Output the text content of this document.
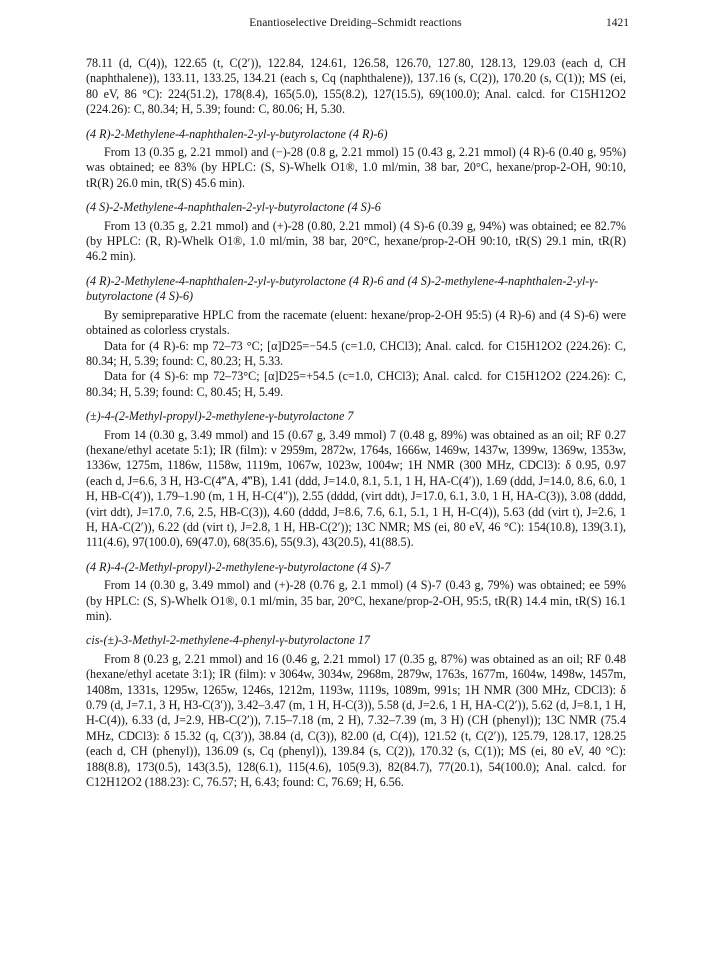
Enantioselective Dreiding–Schmidt reactions	1421

78.11 (d, C(4)), 122.65 (t, C(2′)), 122.84, 124.61, 126.58, 126.70, 127.80, 128.13, 129.03 (each d, CH (naphthalene)), 133.11, 133.25, 134.21 (each s, Cq (naphthalene)), 137.16 (s, C(2)), 170.20 (s, C(1)); MS (ei, 80 eV, 86 °C): 224(51.2), 178(8.4), 165(5.0), 155(8.2), 127(15.5), 69(100.0); Anal. calcd. for C15H12O2 (224.26): C, 80.34; H, 5.39; found: C, 80.06; H, 5.30.

(4 R)-2-Methylene-4-naphthalen-2-yl-γ-butyrolactone (4 R)-6)

From 13 (0.35 g, 2.21 mmol) and (−)-28 (0.8 g, 2.21 mmol) 15 (0.43 g, 2.21 mmol) (4 R)-6 (0.40 g, 95%) was obtained; ee 83% (by HPLC: (S, S)-Whelk O1®, 1.0 ml/min, 38 bar, 20°C, hexane/prop-2-OH, 90:10, tR(R) 26.0 min, tR(S) 45.6 min).

(4 S)-2-Methylene-4-naphthalen-2-yl-γ-butyrolactone (4 S)-6

From 13 (0.35 g, 2.21 mmol) and (+)-28 (0.80, 2.21 mmol) (4 S)-6 (0.39 g, 94%) was obtained; ee 82.7% (by HPLC: (R, R)-Whelk O1®, 1.0 ml/min, 38 bar, 20°C, hexane/prop-2-OH 90:10, tR(S) 29.1 min, tR(R) 46.2 min).

(4 R)-2-Methylene-4-naphthalen-2-yl-γ-butyrolactone (4 R)-6 and (4 S)-2-methylene-4-naphthalen-2-yl-γ-butyrolactone (4 S)-6)

By semipreparative HPLC from the racemate (eluent: hexane/prop-2-OH 95:5) (4 R)-6) and (4 S)-6) were obtained as colorless crystals.

Data for (4 R)-6: mp 72–73 °C; [α]D25=−54.5 (c=1.0, CHCl3); Anal. calcd. for C15H12O2 (224.26): C, 80.34; H, 5.39; found: C, 80.23; H, 5.33.

Data for (4 S)-6: mp 72–73°C; [α]D25=+54.5 (c=1.0, CHCl3); Anal. calcd. for C15H12O2 (224.26): C, 80.34; H, 5.39; found: C, 80.45; H, 5.49.

(±)-4-(2-Methyl-propyl)-2-methylene-γ-butyrolactone 7

From 14 (0.30 g, 3.49 mmol) and 15 (0.67 g, 3.49 mmol) 7 (0.48 g, 89%) was obtained as an oil; RF 0.27 (hexane/ethyl acetate 5:1); IR (film): ν 2959m, 2872w, 1764s, 1666w, 1469w, 1437w, 1399w, 1369w, 1353w, 1336w, 1275m, 1186w, 1158w, 1119m, 1067w, 1023w, 1004w; 1H NMR (300 MHz, CDCl3): δ 0.95, 0.97 (each d, J=6.6, 3 H, H3-C(4‴A, 4‴B), 1.41 (ddd, J=14.0, 8.1, 5.1, 1 H, HA-C(4′)), 1.69 (ddd, J=14.0, 8.6, 6.0, 1 H, HB-C(4′)), 1.79–1.90 (m, 1 H, H-C(4″)), 2.55 (dddd, (virt ddt), J=17.0, 6.1, 3.0, 1 H, HA-C(3)), 3.08 (dddd, (virt ddt), J=17.0, 7.6, 2.5, HB-C(3)), 4.60 (dddd, J=8.6, 7.6, 6.1, 5.1, 1 H, H-C(4)), 5.63 (dd (virt t), J=2.6, 1 H, HA-C(2′)), 6.22 (dd (virt t), J=2.8, 1 H, HB-C(2′)); 13C NMR; MS (ei, 80 eV, 46 °C): 154(10.8), 139(3.1), 111(4.6), 97(100.0), 69(47.0), 68(35.6), 55(9.3), 43(20.5), 41(88.5).

(4 R)-4-(2-Methyl-propyl)-2-methylene-γ-butyrolactone (4 S)-7

From 14 (0.30 g, 3.49 mmol) and (+)-28 (0.76 g, 2.1 mmol) (4 S)-7 (0.43 g, 79%) was obtained; ee 59% (by HPLC: (S, S)-Whelk O1®, 0.1 ml/min, 35 bar, 20°C, hexane/prop-2-OH, 95:5, tR(R) 14.4 min, tR(S) 16.1 min).

cis-(±)-3-Methyl-2-methylene-4-phenyl-γ-butyrolactone 17

From 8 (0.23 g, 2.21 mmol) and 16 (0.46 g, 2.21 mmol) 17 (0.35 g, 87%) was obtained as an oil; RF 0.48 (hexane/ethyl acetate 3:1); IR (film): ν 3064w, 3034w, 2968m, 2879w, 1763s, 1677m, 1604w, 1498w, 1457m, 1408m, 1331s, 1295w, 1265w, 1246s, 1212m, 1193w, 1119s, 1089m, 991s; 1H NMR (300 MHz, CDCl3): δ 0.79 (d, J=7.1, 3 H, H3-C(3′)), 3.42–3.47 (m, 1 H, H-C(3)), 5.58 (d, J=2.6, 1 H, HA-C(2′)), 5.62 (d, J=8.1, 1 H, H-C(4)), 6.33 (d, J=2.9, HB-C(2′)), 7.15–7.18 (m, 2 H), 7.32–7.39 (m, 3 H) (CH (phenyl)); 13C NMR (75.4 MHz, CDCl3): δ 15.32 (q, C(3′)), 38.84 (d, C(3)), 82.00 (d, C(4)), 121.52 (t, C(2′)), 125.79, 128.17, 128.25 (each d, CH (phenyl)), 136.09 (s, Cq (phenyl)), 139.84 (s, C(2)), 170.32 (s, C(1)); MS (ei, 80 eV, 40 °C): 188(8.8), 173(0.5), 143(3.5), 128(6.1), 115(4.6), 105(9.3), 82(84.7), 77(20.1), 54(100.0); Anal. calcd. for C12H12O2 (188.23): C, 76.57; H, 6.43; found: C, 76.69; H, 6.56.
